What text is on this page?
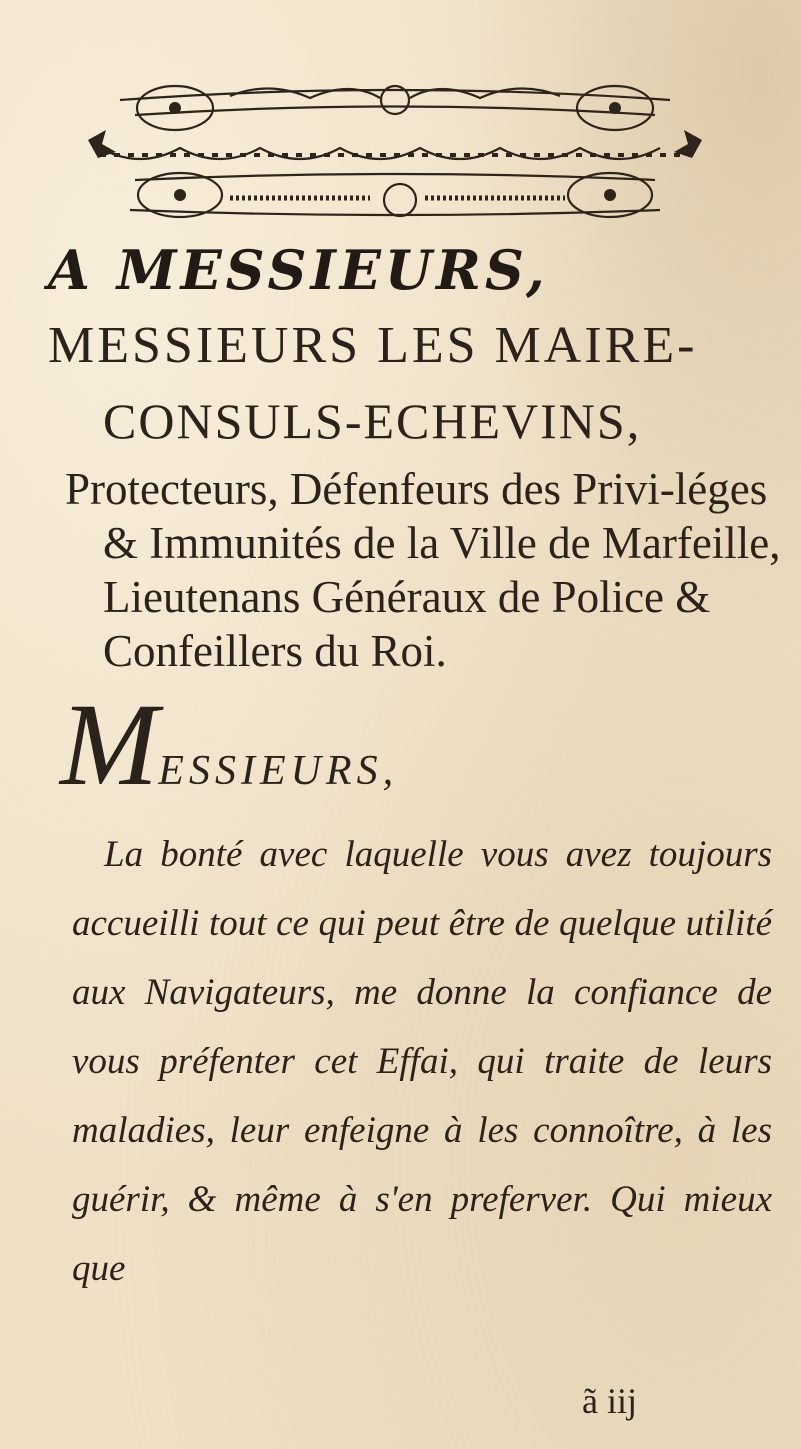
A MESSIEURS,
MESSIEURS LES MAIRE-
CONSULS-ECHEVINS,

Protecteurs, Défenfeurs des Privi-léges & Immunités de la Ville de Marfeille, Lieutenans Généraux de Police & Confeillers du Roi.

MESSIEURS,

La bonté avec laquelle vous avez toujours accueilli tout ce qui peut être de quelque utilité aux Navigateurs, me donne la confiance de vous préfenter cet Effai, qui traite de leurs maladies, leur enfeigne à les connoître, à les guérir, & même à s'en preferver. Qui mieux que

ã iij
